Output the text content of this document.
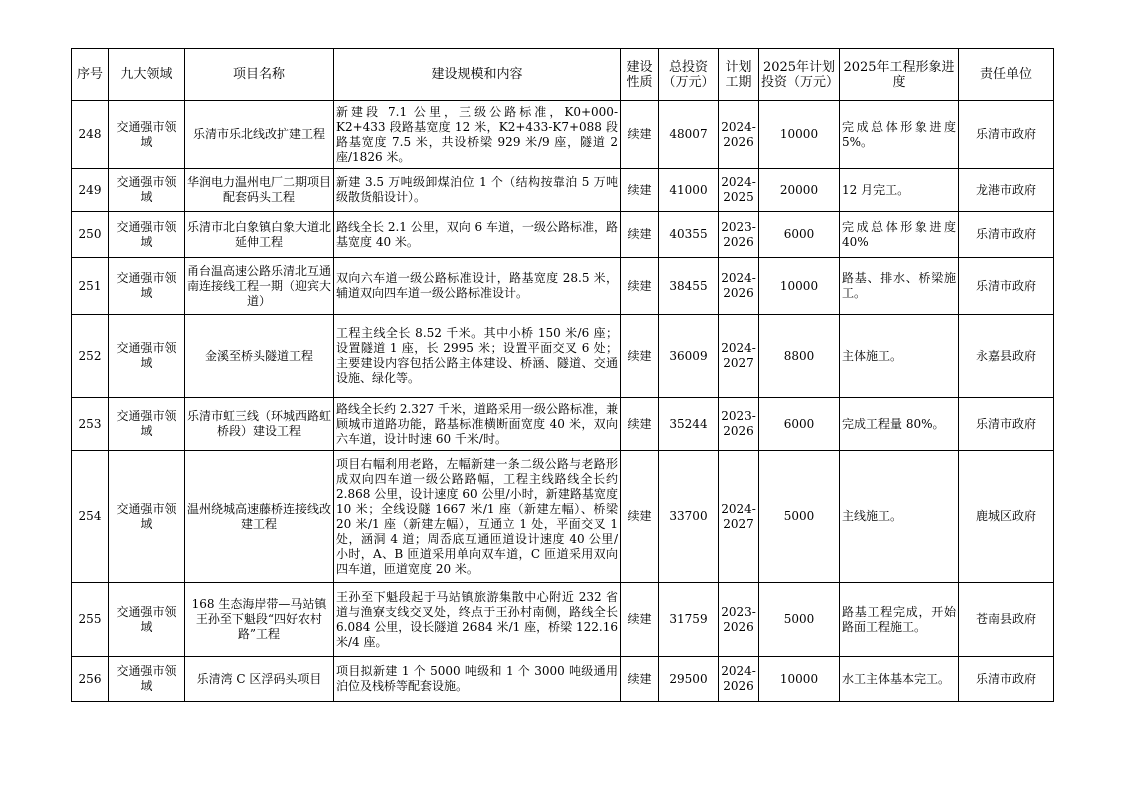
序号	九大领域	项目名称	建设规模和内容	建设性质	总投资（万元）	计划工期	2025年计划投资（万元）	2025年工程形象进度	责任单位
248	交通强市领域	乐清市乐北线改扩建工程	新建段 7.1 公里，三级公路标准，K0+000-K2+433 段路基宽度 12 米，K2+433-K7+088 段路基宽度 7.5 米，共设桥梁 929 米/9 座，隧道 2 座/1826 米。	续建	48007	2024-2026	10000	完成总体形象进度 5%。	乐清市政府
249	交通强市领域	华润电力温州电厂二期项目配套码头工程	新建 3.5 万吨级卸煤泊位 1 个（结构按靠泊 5 万吨级散货船设计）。	续建	41000	2024-2025	20000	12 月完工。	龙港市政府
250	交通强市领域	乐清市北白象镇白象大道北延伸工程	路线全长 2.1 公里，双向 6 车道，一级公路标准，路基宽度 40 米。	续建	40355	2023-2026	6000	完成总体形象进度 40%	乐清市政府
251	交通强市领域	甬台温高速公路乐清北互通南连接线工程一期（迎宾大道）	双向六车道一级公路标准设计，路基宽度 28.5 米，辅道双向四车道一级公路标准设计。	续建	38455	2024-2026	10000	路基、排水、桥梁施工。	乐清市政府
252	交通强市领域	金溪至桥头隧道工程	工程主线全长 8.52 千米。其中小桥 150 米/6 座；设置隧道 1 座，长 2995 米；设置平面交叉 6 处；主要建设内容包括公路主体建设、桥涵、隧道、交通设施、绿化等。	续建	36009	2024-2027	8800	主体施工。	永嘉县政府
253	交通强市领域	乐清市虹三线（环城西路虹桥段）建设工程	路线全长约 2.327 千米，道路采用一级公路标准，兼顾城市道路功能，路基标准横断面宽度 40 米，双向六车道，设计时速 60 千米/时。	续建	35244	2023-2026	6000	完成工程量 80%。	乐清市政府
254	交通强市领域	温州绕城高速藤桥连接线改建工程	项目右幅利用老路，左幅新建一条二级公路与老路形成双向四车道一级公路路幅，工程主线路线全长约 2.868 公里，设计速度 60 公里/小时，新建路基宽度 10 米；全线设隧 1667 米/1 座（新建左幅）、桥梁 20 米/1 座（新建左幅），互通立 1 处，平面交叉 1 处，涵洞 4 道；周岙底互通匝道设计速度 40 公里/小时，A、B 匝道采用单向双车道，C 匝道采用双向四车道，匝道宽度 20 米。	续建	33700	2024-2027	5000	主线施工。	鹿城区政府
255	交通强市领域	168 生态海岸带—马站镇王孙至下魁段“四好农村路”工程	王孙至下魁段起于马站镇旅游集散中心附近 232 省道与渔寮支线交叉处，终点于王孙村南侧，路线全长 6.084 公里，设长隧道 2684 米/1 座，桥梁 122.16 米/4 座。	续建	31759	2023-2026	5000	路基工程完成，开始路面工程施工。	苍南县政府
256	交通强市领域	乐清湾 C 区浮码头项目	项目拟新建 1 个 5000 吨级和 1 个 3000 吨级通用泊位及栈桥等配套设施。	续建	29500	2024-2026	10000	水工主体基本完工。	乐清市政府
